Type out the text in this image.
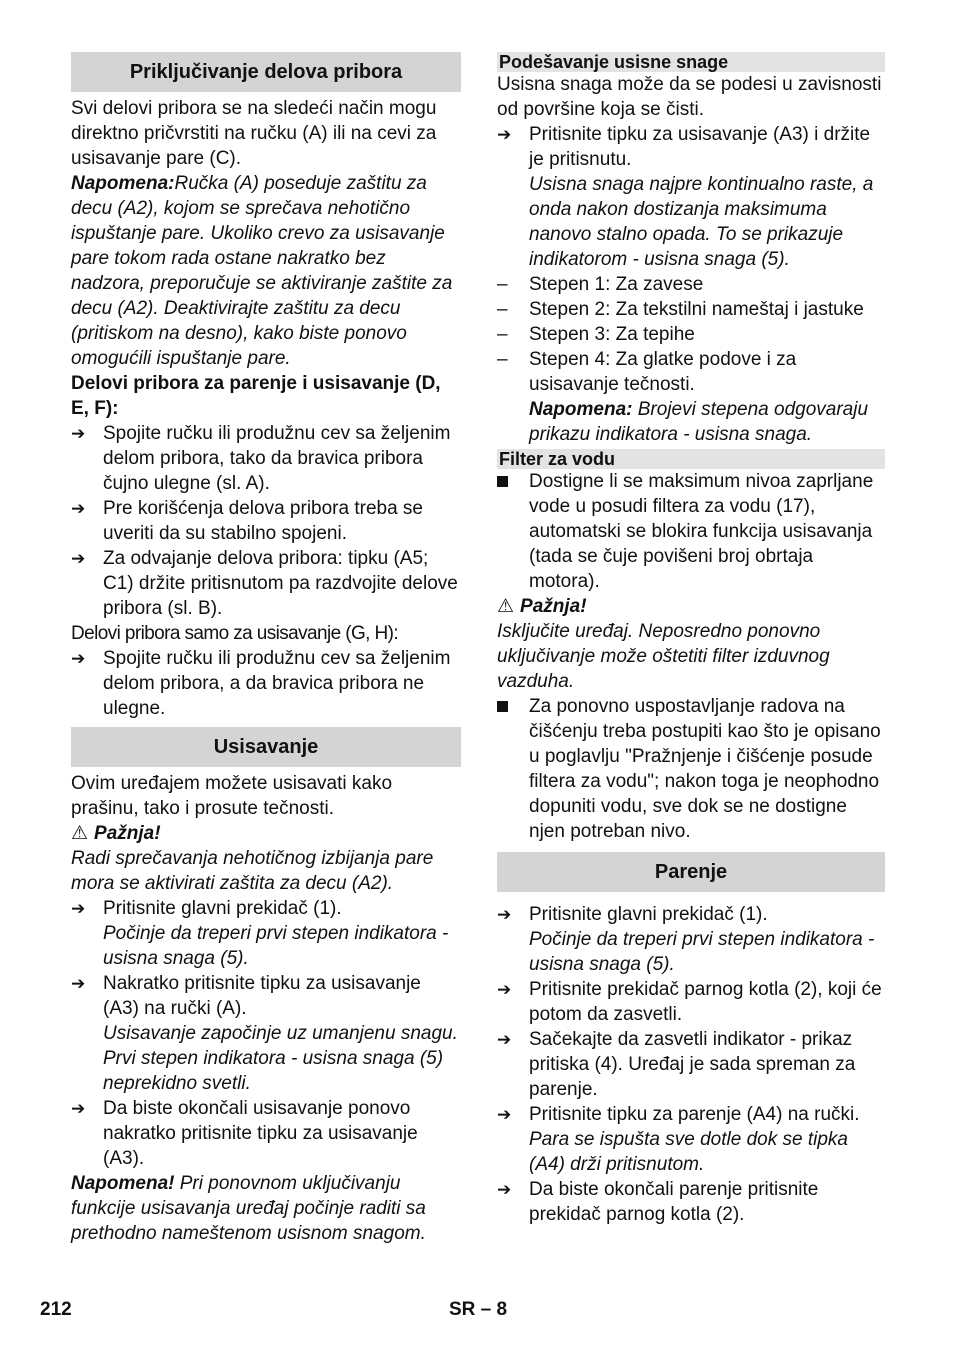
Priključivanje delova pribora

Svi delovi pribora se na sledeći način mogu direktno pričvrstiti na ručku (A) ili na cevi za usisavanje pare (C).

Napomena:Ručka (A) poseduje zaštitu za decu (A2), kojom se sprečava nehotično ispuštanje pare. Ukoliko crevo za usisavanje pare tokom rada ostane nakratko bez nadzora, preporučuje se aktiviranje zaštite za decu (A2). Deaktivirajte zaštitu za decu (pritiskom na desno), kako biste ponovo omogućili ispuštanje pare.

Delovi pribora za parenje i usisavanje (D, E, F):

➔ Spojite ručku ili produžnu cev sa željenim delom pribora, tako da bravica pribora čujno ulegne (sl. A).
➔ Pre korišćenja delova pribora treba se uveriti da su stabilno spojeni.
➔ Za odvajanje delova pribora: tipku (A5; C1) držite pritisnutom pa razdvojite delove pribora (sl. B).

Delovi pribora samo za usisavanje (G, H):

➔ Spojite ručku ili produžnu cev sa željenim delom pribora, a da bravica pribora ne ulegne.
Usisavanje

Ovim uređajem možete usisavati kako prašinu, tako i prosute tečnosti.

⚠ Pažnja!

Radi sprečavanja nehotičnog izbijanja pare mora se aktivirati zaštita za decu (A2).

➔ Pritisnite glavni prekidač (1).
Počinje da treperi prvi stepen indikatora - usisna snaga (5).
➔ Nakratko pritisnite tipku za usisavanje (A3) na ručki (A).
Usisavanje započinje uz umanjenu snagu. Prvi stepen indikatora - usisna snaga (5) neprekidno svetli.
➔ Da biste okončali usisavanje ponovo nakratko pritisnite tipku za usisavanje (A3).

Napomena! Pri ponovnom uključivanju funkcije usisavanja uređaj počinje raditi sa prethodno nameštenom usisnom snagom.

Podešavanje usisne snage

Usisna snaga može da se podesi u zavisnosti od površine koja se čisti.

➔ Pritisnite tipku za usisavanje (A3) i držite je pritisnutu.
Usisna snaga najpre kontinualno raste, a onda nakon dostizanja maksimuma nanovo stalno opada. To se prikazuje indikatorom - usisna snaga (5).
–	Stepen 1: Za zavese
–	Stepen 2: Za tekstilni nameštaj i jastuke
–	Stepen 3: Za tepihe
–	Stepen 4: Za glatke podove i za usisavanje tečnosti.
Napomena: Brojevi stepena odgovaraju prikazu indikatora - usisna snaga.
Filter za vodu
Dostigne li se maksimum nivoa zaprljane vode u posudi filtera za vodu (17), automatski se blokira funkcija usisavanja (tada se čuje povišeni broj obrtaja motora).

⚠ Pažnja!

Isključite uređaj. Neposredno ponovno uključivanje može oštetiti filter izduvnog vazduha.

Za ponovno uspostavljanje radova na čišćenju treba postupiti kao što je opisano u poglavlju "Pražnjenje i čišćenje posude filtera za vodu"; nakon toga je neophodno dopuniti vodu, sve dok se ne dostigne njen potreban nivo.
Parenje
➔ Pritisnite glavni prekidač (1).
Počinje da treperi prvi stepen indikatora - usisna snaga (5).
➔ Pritisnite prekidač parnog kotla (2), koji će potom da zasvetli.
➔ Sačekajte da zasvetli indikator - prikaz pritiska (4). Uređaj je sada spreman za parenje.
➔ Pritisnite tipku za parenje (A4) na ručki.
Para se ispušta sve dotle dok se tipka (A4) drži pritisnutom.
➔ Da biste okončali parenje pritisnite prekidač parnog kotla (2).
212	SR – 8
